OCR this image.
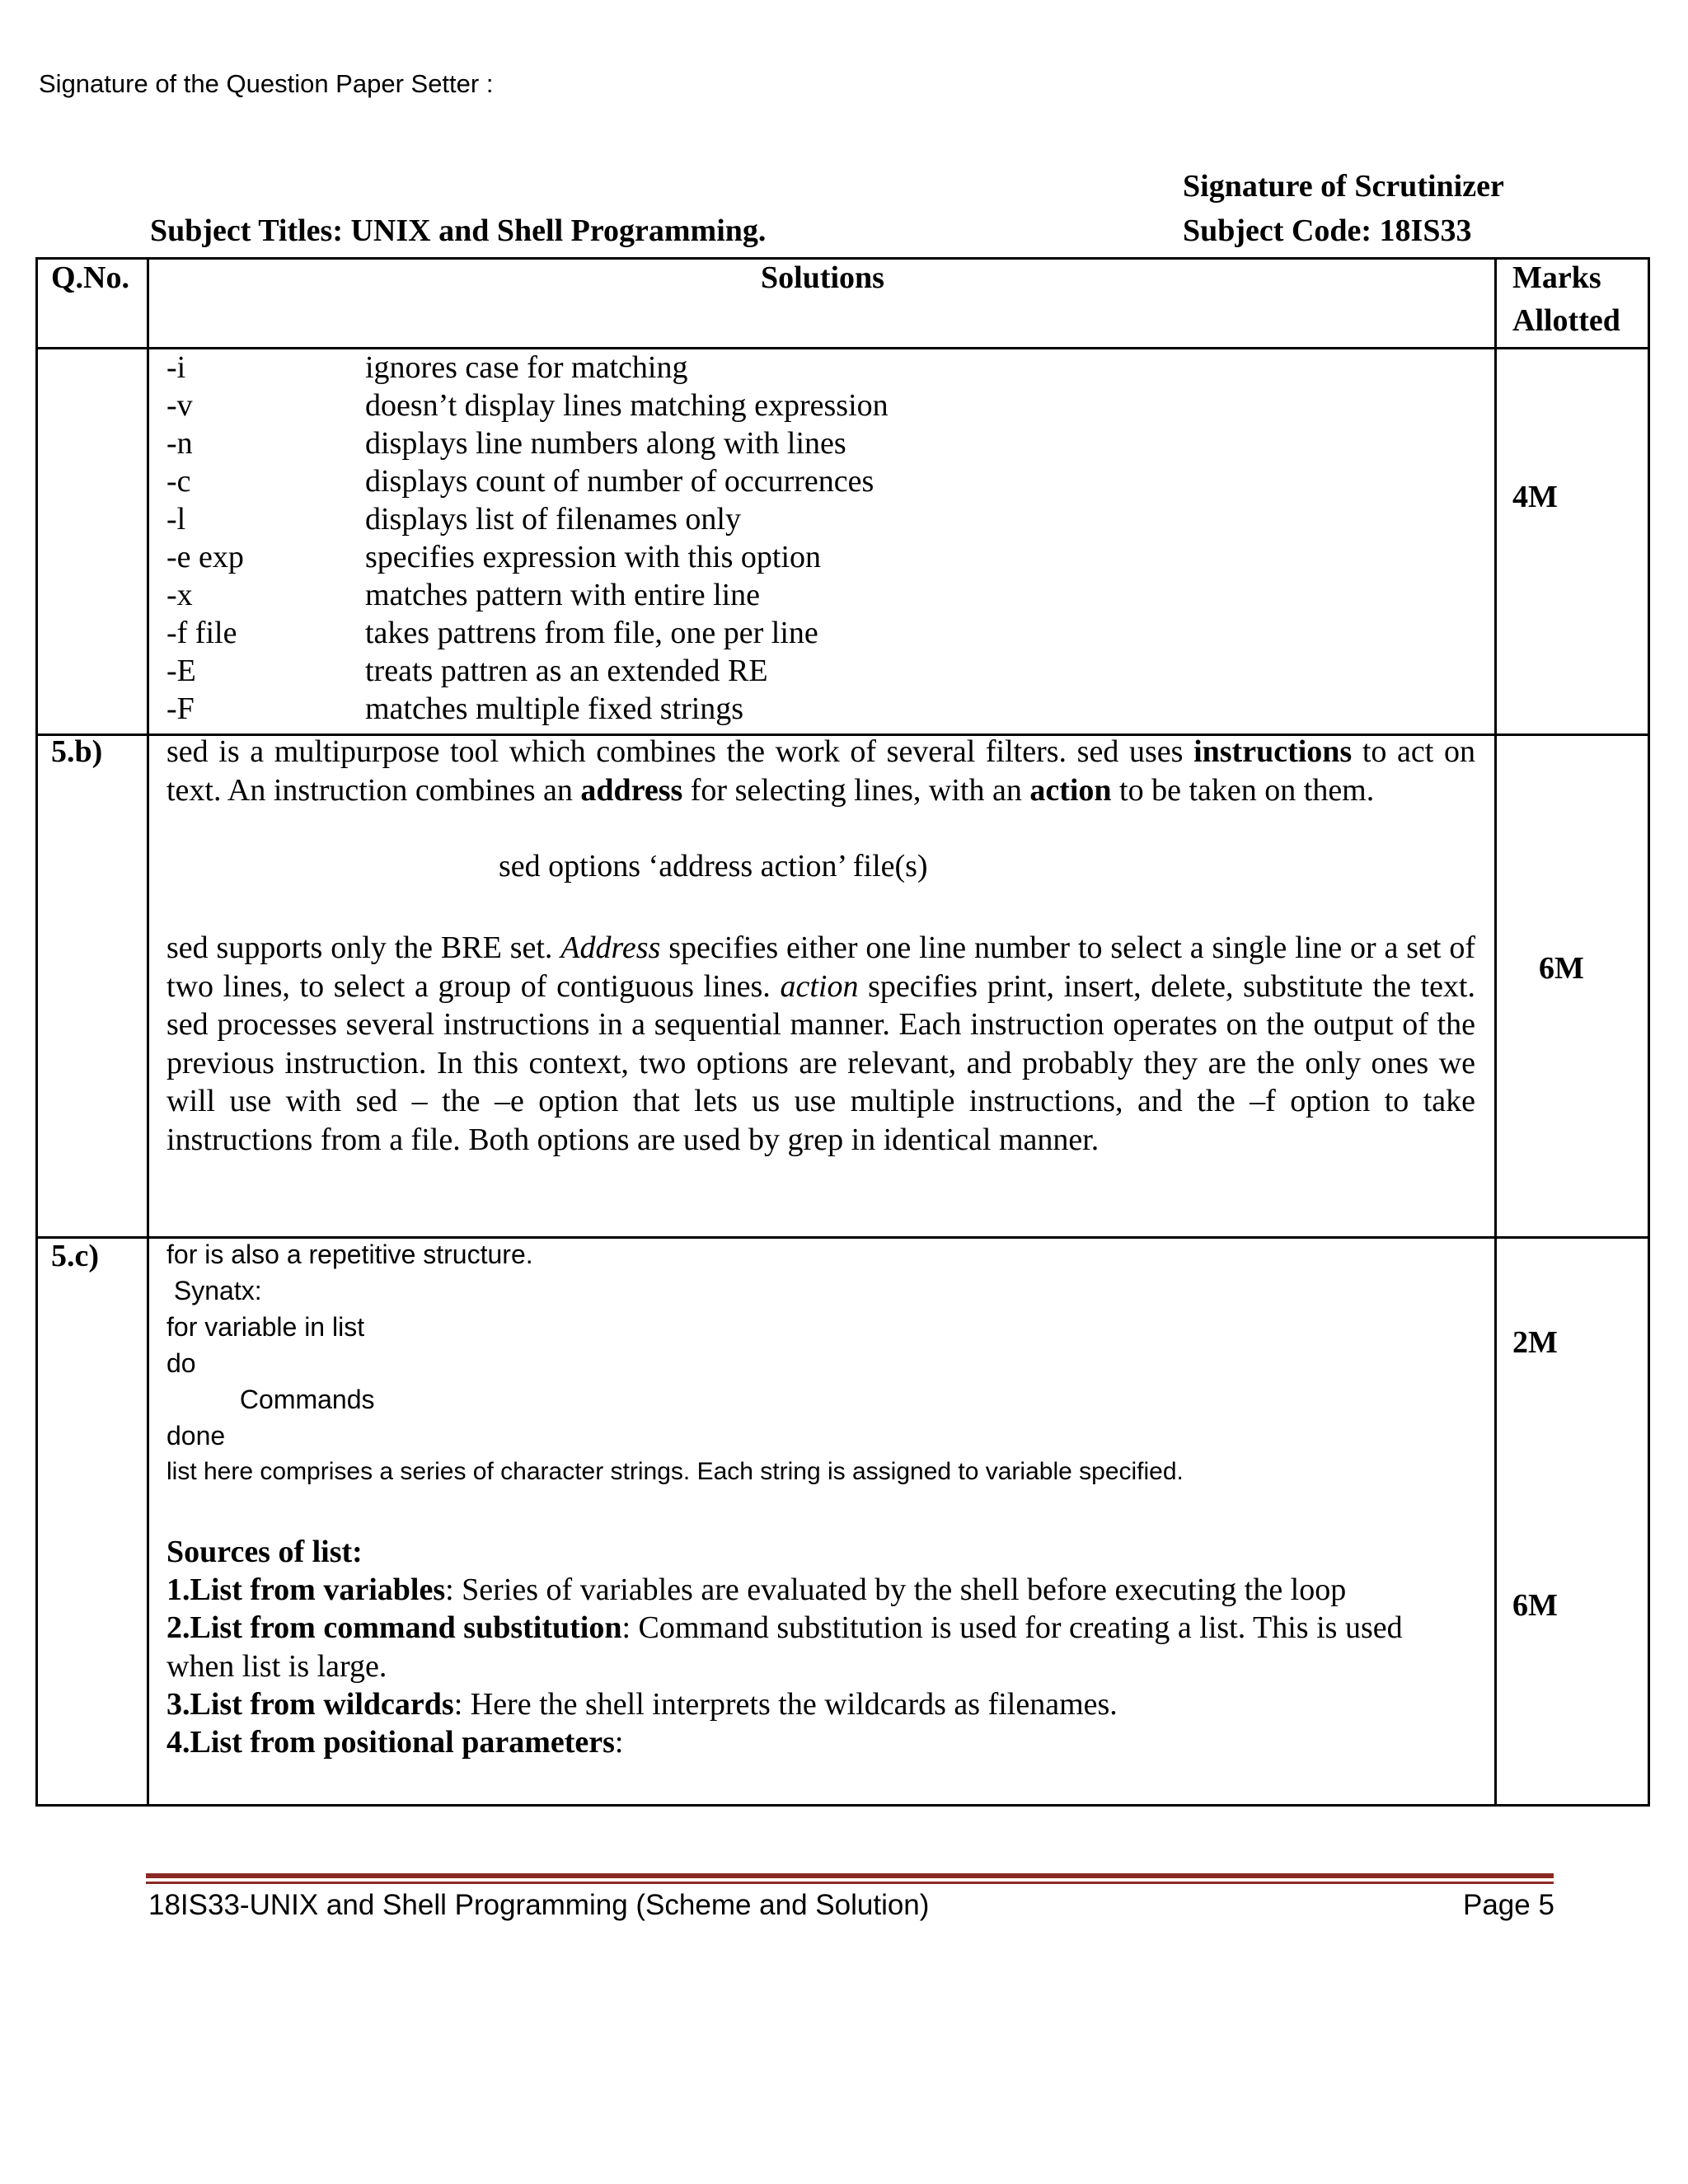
Signature of the Question Paper Setter :
Signature of Scrutinizer
Subject Titles: UNIX and Shell Programming.	Subject Code: 18IS33
Q.No.	Solutions	Marks
Allotted
-i	ignores case for matching
-v	doesn’t display lines matching expression
-n	displays line numbers along with lines
-c	displays count of number of occurrences
-l	displays list of filenames only
-e exp	specifies expression with this option
-x	matches pattern with entire line
-f file	takes pattrens from file, one per line
-E	treats pattren as an extended RE
-F	matches multiple fixed strings
4M
5.b) sed is a multipurpose tool which combines the work of several filters. sed uses instructions to act on text. An instruction combines an address for selecting lines, with an action to be taken on them.
sed options ‘address action’ file(s)
sed supports only the BRE set. Address specifies either one line number to select a single line or a set of two lines, to select a group of contiguous lines. action specifies print, insert, delete, substitute the text. sed processes several instructions in a sequential manner. Each instruction operates on the output of the previous instruction. In this context, two options are relevant, and probably they are the only ones we will use with sed – the –e option that lets us use multiple instructions, and the –f option to take instructions from a file. Both options are used by grep in identical manner.
6M
5.c)	for is also a repetitive structure.
Synatx:
for variable in list
do
Commands
done
list here comprises a series of character strings. Each string is assigned to variable specified.
2M
Sources of list:
1.List from variables: Series of variables are evaluated by the shell before executing the loop
2.List from command substitution: Command substitution is used for creating a list. This is used when list is large.
3.List from wildcards: Here the shell interprets the wildcards as filenames.
4.List from positional parameters:
6M
18IS33-UNIX and Shell Programming (Scheme and Solution)	Page 5
